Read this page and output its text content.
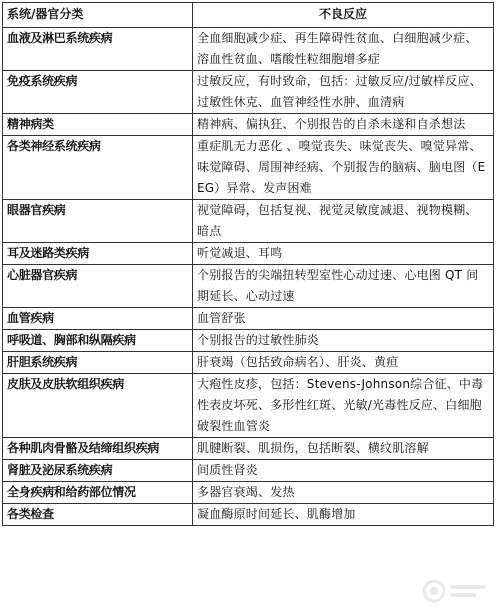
系统/器官分类	不良反应
血液及淋巴系统疾病	全血细胞减少症、再生障碍性贫血、白细胞减少症、溶血性贫血、嗜酸性粒细胞增多症
免疫系统疾病	过敏反应，有时致命，包括：过敏反应/过敏样反应、过敏性休克、血管神经性水肿、血清病
精神病类	精神病、偏执狂、个别报告的自杀未遂和自杀想法
各类神经系统疾病	重症肌无力恶化 、嗅觉丧失、味觉丧失、嗅觉异常、味觉障碍、周围神经病、个别报告的脑病、脑电图（EEG）异常、发声困难
眼器官疾病	视觉障碍，包括复视、视觉灵敏度减退、视物模糊、暗点
耳及迷路类疾病	听觉减退、耳鸣
心脏器官疾病	个别报告的尖端扭转型室性心动过速、心电图 QT 间期延长、心动过速
血管疾病	血管舒张
呼吸道、胸部和纵隔疾病	个别报告的过敏性肺炎
肝胆系统疾病	肝衰竭（包括致命病名）、肝炎、黄疸
皮肤及皮肤软组织疾病	大疱性皮疹，包括：Stevens-Johnson综合征、中毒性表皮坏死、多形性红斑、光敏/光毒性反应、白细胞破裂性血管炎
各种肌肉骨骼及结缔组织疾病	肌腱断裂、肌损伤，包括断裂、横纹肌溶解
肾脏及泌尿系统疾病	间质性肾炎
全身疾病和给药部位情况	多器官衰竭、发热
各类检查	凝血酶原时间延长、肌酶增加
